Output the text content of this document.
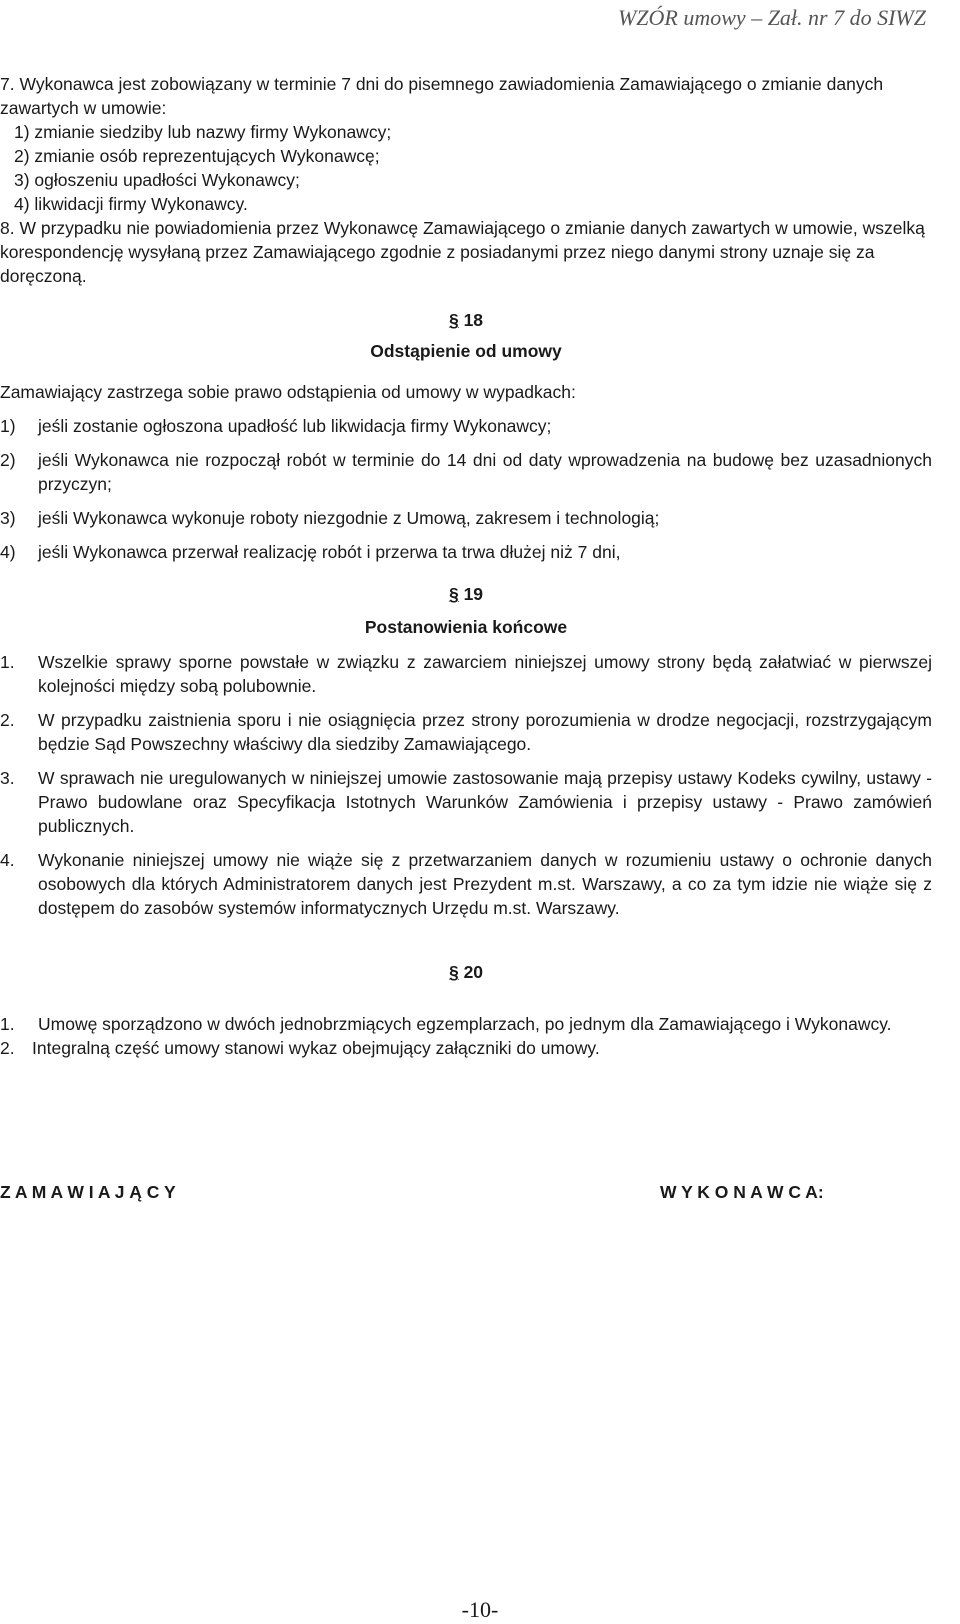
WZÓR umowy – Zał. nr 7 do SIWZ

7. Wykonawca jest zobowiązany w terminie 7 dni do pisemnego zawiadomienia Zamawiającego o zmianie danych zawartych w umowie:

1) zmianie siedziby lub nazwy firmy Wykonawcy;
2) zmianie osób reprezentujących Wykonawcę;
3) ogłoszeniu upadłości Wykonawcy;
4) likwidacji firmy Wykonawcy.

8. W przypadku nie powiadomienia przez Wykonawcę Zamawiającego o zmianie danych zawartych w umowie, wszelką korespondencję wysyłaną przez Zamawiającego zgodnie z posiadanymi przez niego danymi strony uznaje się za doręczoną.

§ 18

Odstąpienie od umowy

Zamawiający zastrzega sobie prawo odstąpienia od umowy w wypadkach:

1) jeśli zostanie ogłoszona upadłość lub likwidacja firmy Wykonawcy;

2) jeśli Wykonawca nie rozpoczął robót w terminie do 14 dni od daty wprowadzenia na budowę bez uzasadnionych przyczyn;

3) jeśli Wykonawca wykonuje roboty niezgodnie z Umową, zakresem i technologią;

4) jeśli Wykonawca przerwał realizację robót i przerwa ta trwa dłużej niż 7 dni,

§ 19

Postanowienia końcowe

1. Wszelkie sprawy sporne powstałe w związku z zawarciem niniejszej umowy strony będą załatwiać w pierwszej kolejności między sobą polubownie.

2. W przypadku zaistnienia sporu i nie osiągnięcia przez strony porozumienia w drodze negocjacji, rozstrzygającym będzie Sąd Powszechny właściwy dla siedziby Zamawiającego.

3. W sprawach nie uregulowanych w niniejszej umowie zastosowanie mają przepisy ustawy Kodeks cywilny, ustawy - Prawo budowlane oraz Specyfikacja Istotnych Warunków Zamówienia i przepisy ustawy - Prawo zamówień publicznych.

4. Wykonanie niniejszej umowy nie wiąże się z przetwarzaniem danych w rozumieniu ustawy o ochronie danych osobowych dla których Administratorem danych jest Prezydent m.st. Warszawy, a co za tym idzie nie wiąże się z dostępem do zasobów systemów informatycznych Urzędu m.st. Warszawy.

§ 20

1. Umowę sporządzono w dwóch jednobrzmiących egzemplarzach, po jednym dla Zamawiającego i Wykonawcy.

2. Integralną część umowy stanowi wykaz obejmujący załączniki do umowy.

Z A M A W I A J Ą C Y	W Y K O N A W C A:
-10-
